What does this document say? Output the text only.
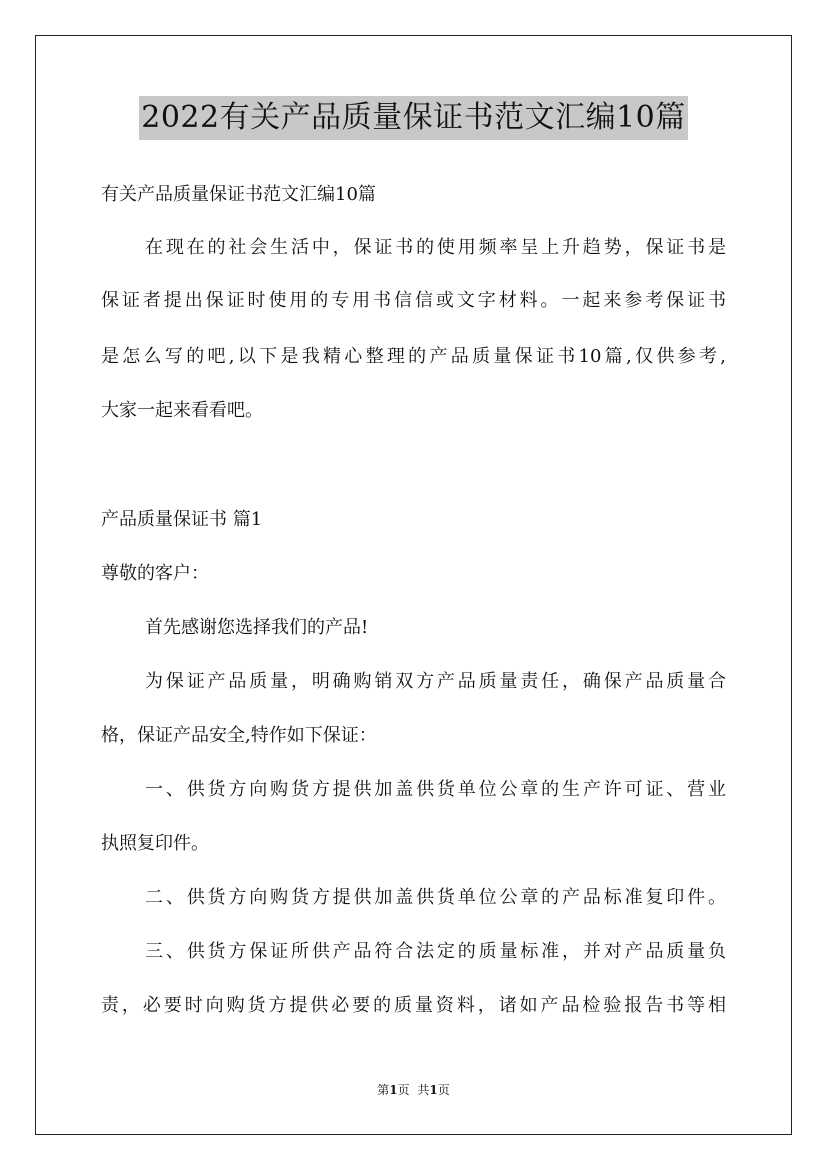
2022有关产品质量保证书范文汇编10篇
有关产品质量保证书范文汇编10篇
在现在的社会生活中，保证书的使用频率呈上升趋势，保证书是
保证者提出保证时使用的专用书信信或文字材料。一起来参考保证书
是怎么写的吧,以下是我精心整理的产品质量保证书10篇,仅供参考,
大家一起来看看吧。
产品质量保证书 篇1
尊敬的客户：
首先感谢您选择我们的产品!
为保证产品质量，明确购销双方产品质量责任，确保产品质量合
格，保证产品安全,特作如下保证：
一、供货方向购货方提供加盖供货单位公章的生产许可证、营业
执照复印件。
二、供货方向购货方提供加盖供货单位公章的产品标准复印件。
三、供货方保证所供产品符合法定的质量标准，并对产品质量负
责，必要时向购货方提供必要的质量资料，诸如产品检验报告书等相
第1页 共1页
